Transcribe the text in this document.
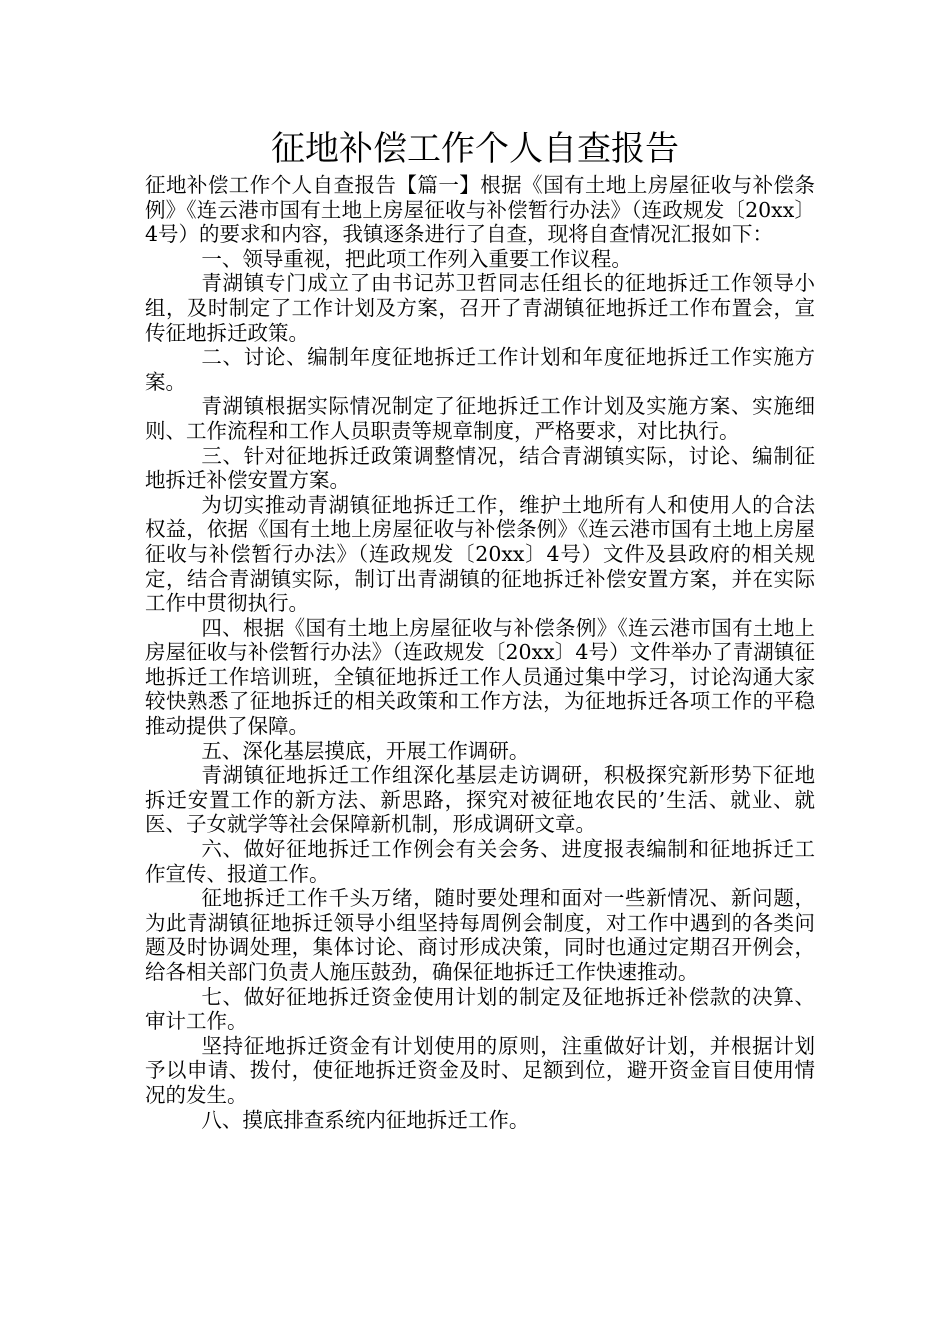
征地补偿工作个人自查报告

征地补偿工作个人自查报告【篇一】根据《国有土地上房屋征收与补偿条例》《连云港市国有土地上房屋征收与补偿暂行办法》（连政规发〔20xx〕4号）的要求和内容，我镇逐条进行了自查，现将自查情况汇报如下：

一、领导重视，把此项工作列入重要工作议程。

青湖镇专门成立了由书记苏卫哲同志任组长的征地拆迁工作领导小组，及时制定了工作计划及方案，召开了青湖镇征地拆迁工作布置会，宣传征地拆迁政策。

二、讨论、编制年度征地拆迁工作计划和年度征地拆迁工作实施方案。

青湖镇根据实际情况制定了征地拆迁工作计划及实施方案、实施细则、工作流程和工作人员职责等规章制度，严格要求，对比执行。

三、针对征地拆迁政策调整情况，结合青湖镇实际，讨论、编制征地拆迁补偿安置方案。

为切实推动青湖镇征地拆迁工作，维护土地所有人和使用人的合法权益，依据《国有土地上房屋征收与补偿条例》《连云港市国有土地上房屋征收与补偿暂行办法》（连政规发〔20xx〕4号）文件及县政府的相关规定，结合青湖镇实际，制订出青湖镇的征地拆迁补偿安置方案，并在实际工作中贯彻执行。

四、根据《国有土地上房屋征收与补偿条例》《连云港市国有土地上房屋征收与补偿暂行办法》（连政规发〔20xx〕4号）文件举办了青湖镇征地拆迁工作培训班，全镇征地拆迁工作人员通过集中学习，讨论沟通大家较快熟悉了征地拆迁的相关政策和工作方法，为征地拆迁各项工作的平稳推动提供了保障。

五、深化基层摸底，开展工作调研。

青湖镇征地拆迁工作组深化基层走访调研，积极探究新形势下征地拆迁安置工作的新方法、新思路，探究对被征地农民的’生活、就业、就医、子女就学等社会保障新机制，形成调研文章。

六、做好征地拆迁工作例会有关会务、进度报表编制和征地拆迁工作宣传、报道工作。

征地拆迁工作千头万绪，随时要处理和面对一些新情况、新问题，为此青湖镇征地拆迁领导小组坚持每周例会制度，对工作中遇到的各类问题及时协调处理，集体讨论、商讨形成决策，同时也通过定期召开例会，给各相关部门负责人施压鼓劲，确保征地拆迁工作快速推动。

七、做好征地拆迁资金使用计划的制定及征地拆迁补偿款的决算、审计工作。

坚持征地拆迁资金有计划使用的原则，注重做好计划，并根据计划予以申请、拨付，使征地拆迁资金及时、足额到位，避开资金盲目使用情况的发生。

八、摸底排查系统内征地拆迁工作。
